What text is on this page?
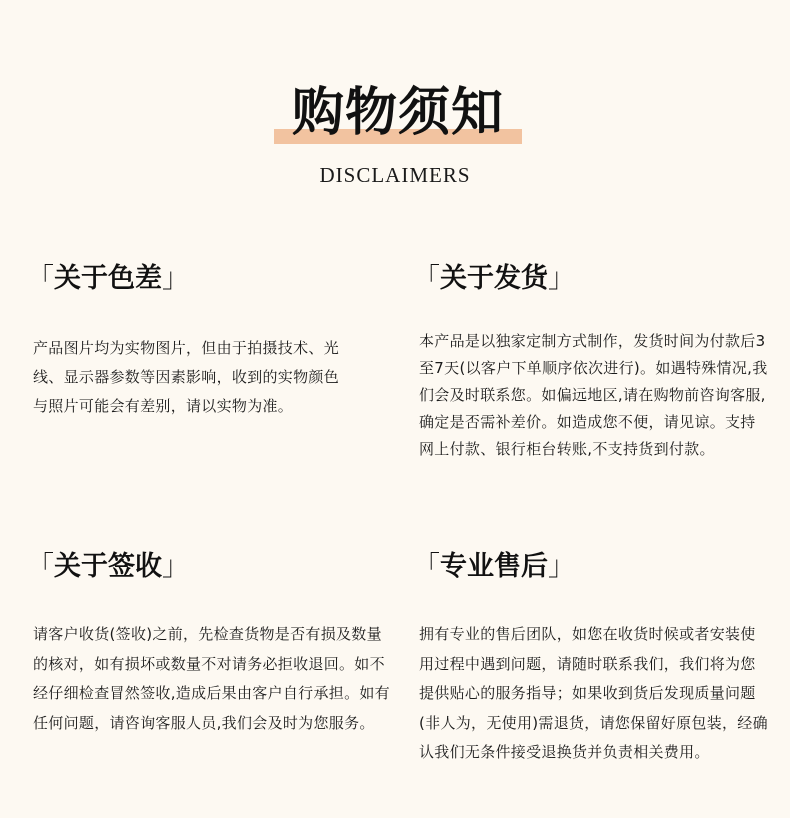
购物须知
DISCLAIMERS
「关于色差」
产品图片均为实物图片，但由于拍摄技术、光线、显示器参数等因素影响，收到的实物颜色与照片可能会有差别，请以实物为准。
「关于发货」
本产品是以独家定制方式制作，发货时间为付款后3至7天(以客户下单顺序依次进行)。如遇特殊情况,我们会及时联系您。如偏远地区,请在购物前咨询客服,确定是否需补差价。如造成您不便，请见谅。支持网上付款、银行柜台转账,不支持货到付款。
「关于签收」
请客户收货(签收)之前，先检查货物是否有损及数量的核对，如有损坏或数量不对请务必拒收退回。如不经仔细检查冒然签收,造成后果由客户自行承担。如有任何问题，请咨询客服人员,我们会及时为您服务。
「专业售后」
拥有专业的售后团队，如您在收货时候或者安装使用过程中遇到问题，请随时联系我们，我们将为您提供贴心的服务指导；如果收到货后发现质量问题(非人为，无使用)需退货，请您保留好原包装，经确认我们无条件接受退换货并负责相关费用。
